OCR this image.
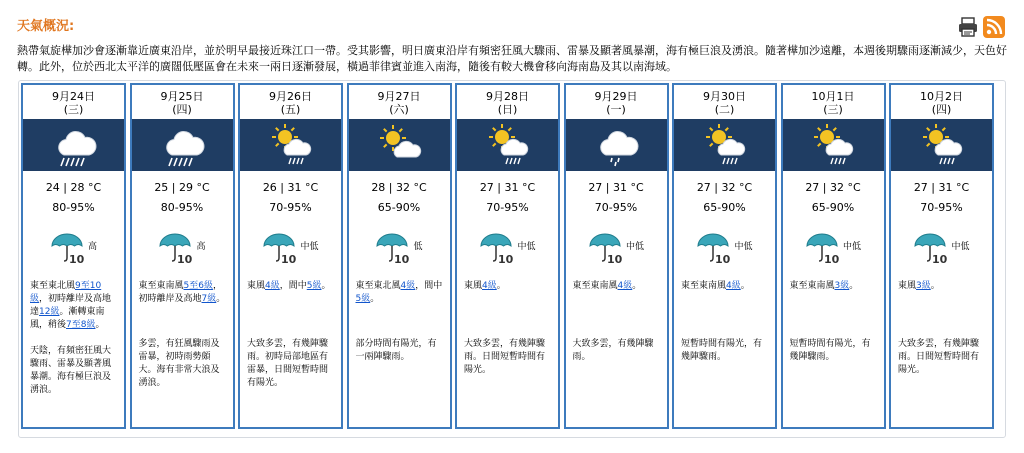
天氣概況:
熱帶氣旋樺加沙會逐漸靠近廣東沿岸，並於明早最接近珠江口一帶。受其影響，明日廣東沿岸有頻密狂風大驟雨、雷暴及顯著風暴潮，海有極巨浪及湧浪。隨著樺加沙遠離，本週後期驟雨逐漸減少，天色好轉。此外，位於西北太平洋的廣闊低壓區會在未來一兩日逐漸發展，橫過菲律賓並進入南海，隨後有較大機會移向海南島及其以南海域。
9月24日
(三)
24 | 28 °C
80-95%
10
高
東至東北風9至10級，初時離岸及高地達12級。漸轉東南風，稍後7至8級。
天陰，有頻密狂風大驟雨、雷暴及顯著風暴潮。海有極巨浪及湧浪。
9月25日
(四)
25 | 29 °C
80-95%
10
高
東至東南風5至6級，初時離岸及高地7級。
多雲，有狂風驟雨及雷暴，初時雨勢頗大。海有非常大浪及湧浪。
9月26日
(五)
26 | 31 °C
70-95%
10
中低
東風4級，間中5級。
大致多雲，有幾陣驟雨。初時局部地區有雷暴，日間短暫時間有陽光。
9月27日
(六)
28 | 32 °C
65-90%
10
低
東至東北風4級，間中5級。
部分時間有陽光，有一兩陣驟雨。
9月28日
(日)
27 | 31 °C
70-95%
10
中低
東風4級。
大致多雲，有幾陣驟雨。日間短暫時間有陽光。
9月29日
(一)
27 | 31 °C
70-95%
10
中低
東至東南風4級。
大致多雲，有幾陣驟雨。
9月30日
(二)
27 | 32 °C
65-90%
10
中低
東至東南風4級。
短暫時間有陽光，有幾陣驟雨。
10月1日
(三)
27 | 32 °C
65-90%
10
中低
東至東南風3級。
短暫時間有陽光，有幾陣驟雨。
10月2日
(四)
27 | 31 °C
70-95%
10
中低
東風3級。
大致多雲，有幾陣驟雨。日間短暫時間有陽光。
